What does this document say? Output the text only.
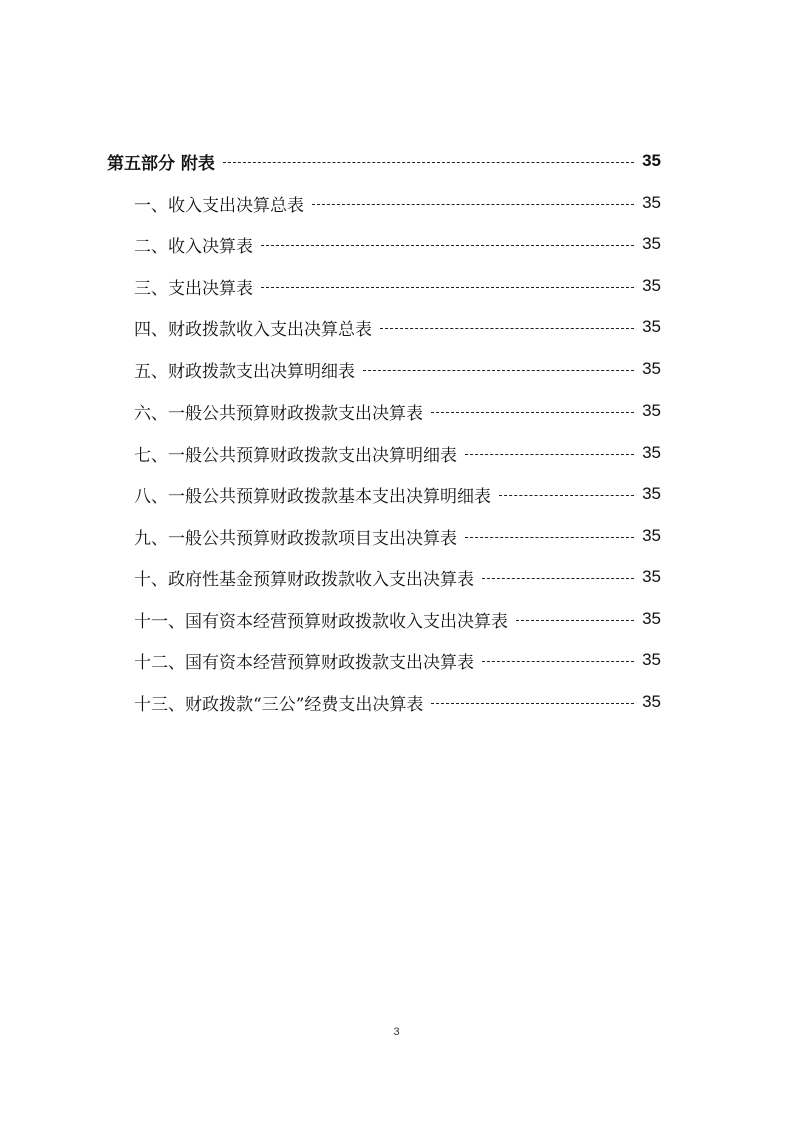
第五部分 附表	35
一、收入支出决算总表	35
二、收入决算表	35
三、支出决算表	35
四、财政拨款收入支出决算总表	35
五、财政拨款支出决算明细表	35
六、一般公共预算财政拨款支出决算表	35
七、一般公共预算财政拨款支出决算明细表	35
八、一般公共预算财政拨款基本支出决算明细表	35
九、一般公共预算财政拨款项目支出决算表	35
十、政府性基金预算财政拨款收入支出决算表	35
十一、国有资本经营预算财政拨款收入支出决算表	35
十二、国有资本经营预算财政拨款支出决算表	35
十三、财政拨款“三公”经费支出决算表	35
3
